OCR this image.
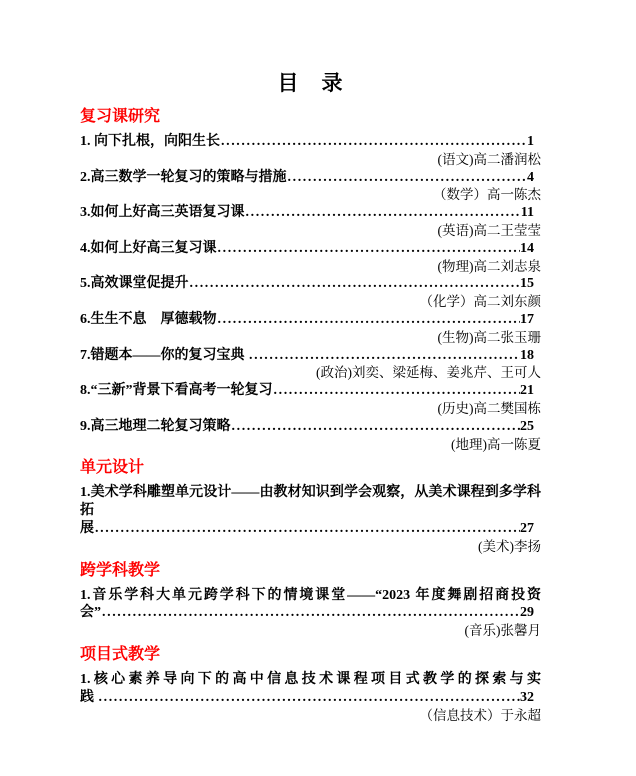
目　录
复习课研究
1. 向下扎根，向阳生长 .....	1
(语文)高二潘润松
2.高三数学一轮复习的策略与措施 .....	4
（数学）高一陈杰
3.如何上好高三英语复习课 .....	11
(英语)高二王莹莹
4.如何上好高三复习课 .....	14
(物理)高二刘志泉
5.高效课堂促提升 .....	15
（化学）高二刘东颜
6.生生不息　厚德载物 .....	17
(生物)高二张玉珊
7.错题本——你的复习宝典 .....	18
(政治)刘奕、梁延梅、姜兆芹、王可人
8.“三新”背景下看高考一轮复习 .....	21
(历史)高二樊国栋
9.高三地理二轮复习策略 .....	25
(地理)高一陈夏
单元设计
1.美术学科雕塑单元设计——由教材知识到学会观察，从美术课程到多学科拓
展 .....	27
(美术)李扬
跨学科教学
1.音乐学科大单元跨学科下的情境课堂——“2023 年度舞剧招商投资
会” .....	29
(音乐)张馨月
项目式教学
1.核心素养导向下的高中信息技术课程项目式教学的探索与实
践 .....	32
（信息技术）于永超
